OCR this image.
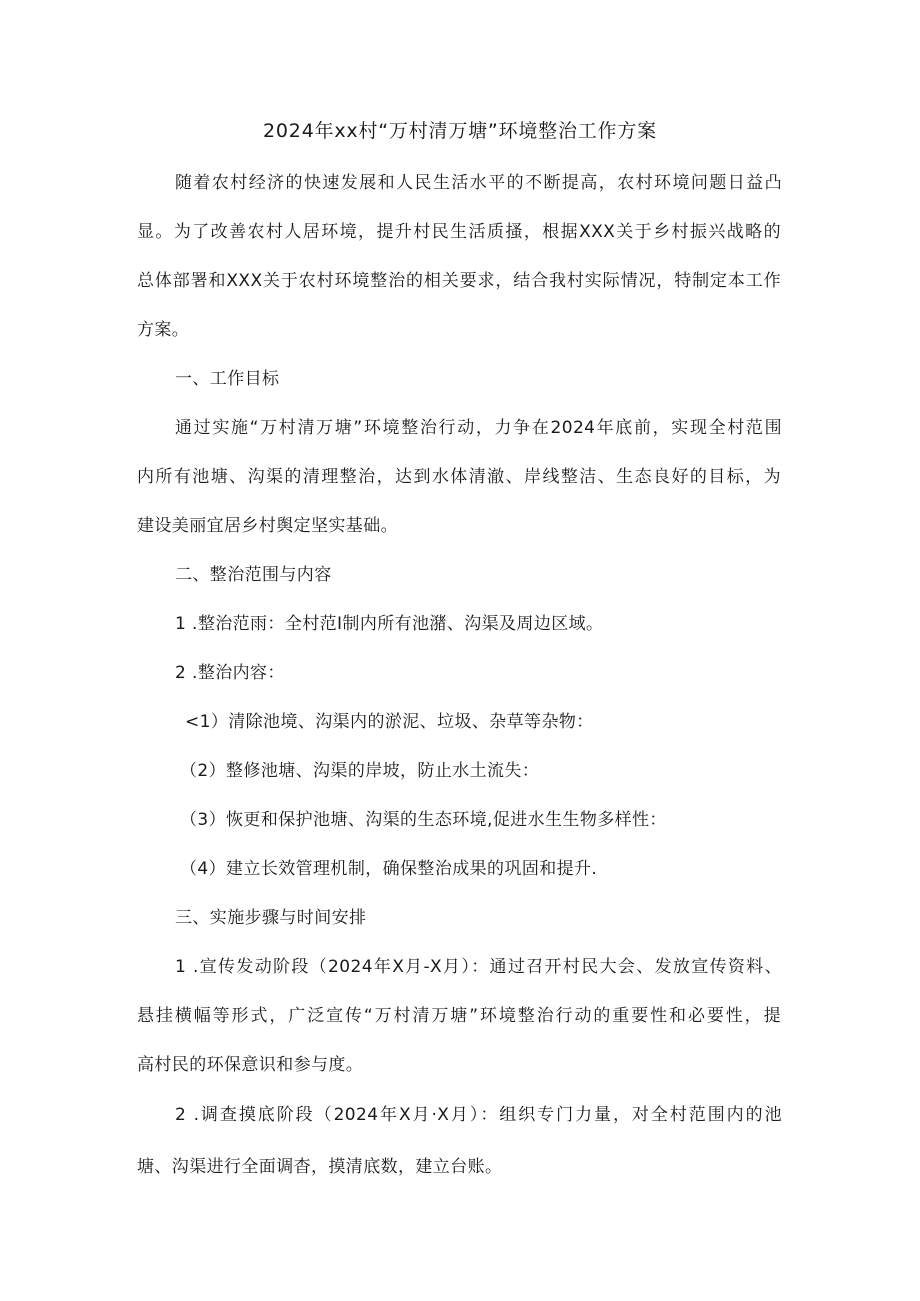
2024年xx村“万村清万塘”环境整治工作方案

随着农村经济的快速发展和人民生活水平的不断提高，农村环境问题日益凸

显。为了改善农村人居环境，提升村民生活质搔，根据XXX关于乡村振兴战略的

总体部署和XXX关于农村环境整治的相关要求，结合我村实际情况，特制定本工作

方案。

一、工作目标

通过实施“万村清万塘”环境整治行动，力争在2024年底前，实现全村范围

内所有池塘、沟渠的清理整治，达到水体清澈、岸线整洁、生态良好的目标，为

建设美丽宜居乡村舆定坚实基础。

二、整治范围与内容

1 .整治范雨：全村范I制内所有池潴、沟渠及周边区域。

2 .整治内容：

<1）清除池境、沟渠内的淤泥、垃圾、杂草等杂物：

（2）整修池塘、沟渠的岸坡，防止水土流失：

（3）恢更和保护池塘、沟渠的生态环境,促进水生生物多样性：

（4）建立长效管理机制，确保整治成果的巩固和提升.

三、实施步骤与时间安排

1 .宣传发动阶段（2024年X月-X月）：通过召开村民大会、发放宣传资料、

悬挂横幅等形式，广泛宣传“万村清万塘”环境整治行动的重要性和必要性，提

高村民的环保意识和参与度。

2 .调查摸底阶段（2024年X月·X月）：组织专门力量，对全村范围内的池

塘、沟渠进行全面调杳，摸清底数，建立台账。
